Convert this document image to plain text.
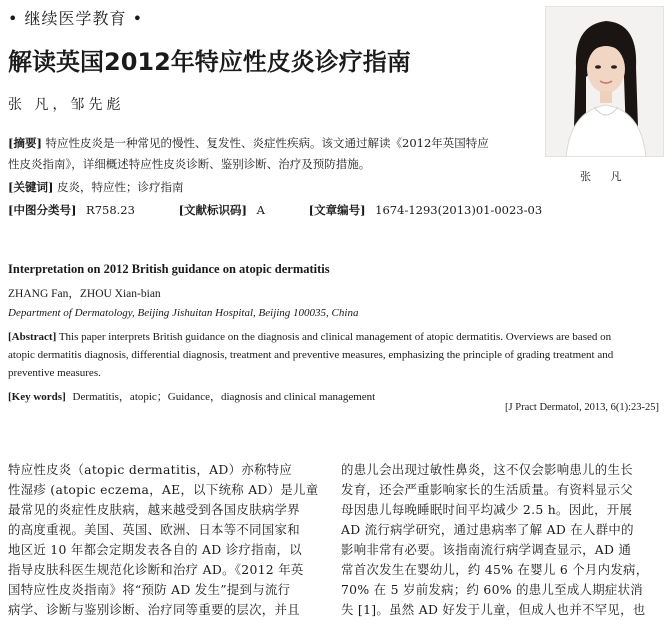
• 继续医学教育 •
解读英国2012年特应性皮炎诊疗指南
张 凡，邹先彪
张 凡
[摘要] 特应性皮炎是一种常见的慢性、复发性、炎症性疾病。该文通过解读《2012年英国特应
性皮炎指南》，详细概述特应性皮炎诊断、鉴别诊断、治疗及预防措施。
[关键词] 皮炎，特应性；诊疗指南
[中图分类号] R758.23	[文献标识码] A	[文章编号] 1674-1293(2013)01-0023-03
Interpretation on 2012 British guidance on atopic dermatitis
ZHANG Fan，ZHOU Xian-bian
Department of Dermatology, Beijing Jishuitan Hospital, Beijing 100035, China
[Abstract] This paper interprets British guidance on the diagnosis and clinical management of atopic dermatitis. Overviews are based on
atopic dermatitis diagnosis, differential diagnosis, treatment and preventive measures, emphasizing the principle of grading treatment and
preventive measures.
[Key words] Dermatitis，atopic；Guidance，diagnosis and clinical management
[J Pract Dermatol, 2013, 6(1):23-25]
特应性皮炎（atopic dermatitis，AD）亦称特应
性湿疹 (atopic eczema，AE，以下统称 AD）是儿童
最常见的炎症性皮肤病，越来越受到各国皮肤病学界
的高度重视。美国、英国、欧洲、日本等不同国家和
地区近 10 年都会定期发表各自的 AD 诊疗指南，以
指导皮肤科医生规范化诊断和治疗 AD。《2012 年英
国特应性皮炎指南》将“预防 AD 发生”提到与流行
病学、诊断与鉴别诊断、治疗同等重要的层次，并且
的患儿会出现过敏性鼻炎，这不仅会影响患儿的生长
发育，还会严重影响家长的生活质量。有资料显示父
母因患儿每晚睡眠时间平均减少 2.5 h。因此，开展
AD 流行病学研究，通过患病率了解 AD 在人群中的
影响非常有必要。该指南流行病学调查显示，AD 通
常首次发生在婴幼儿，约 45% 在婴儿 6 个月内发病，
70% 在 5 岁前发病；约 60% 的患儿至成人期症状消
失 [1]。虽然 AD 好发于儿童，但成人也并不罕见，也
